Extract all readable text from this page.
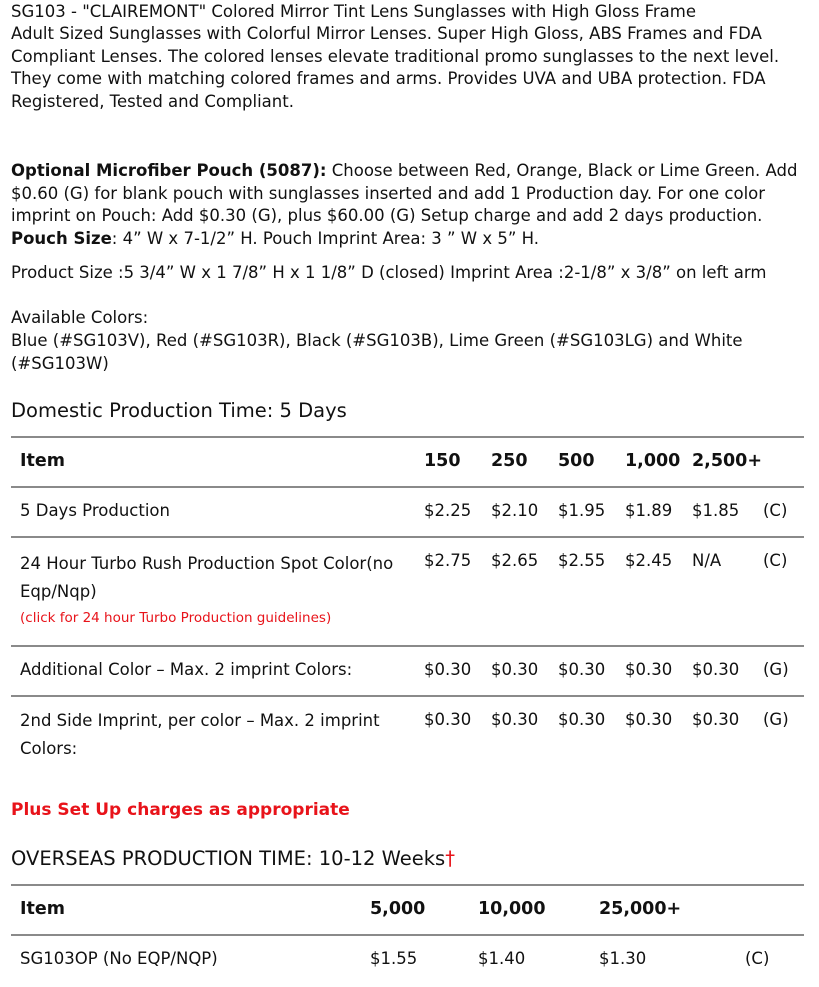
SG103 - "CLAIREMONT" Colored Mirror Tint Lens Sunglasses with High Gloss Frame

Adult Sized Sunglasses with Colorful Mirror Lenses. Super High Gloss, ABS Frames and FDA Compliant Lenses. The colored lenses elevate traditional promo sunglasses to the next level. They come with matching colored frames and arms. Provides UVA and UBA protection. FDA Registered, Tested and Compliant.

Optional Microfiber Pouch (5087): Choose between Red, Orange, Black or Lime Green. Add $0.60 (G) for blank pouch with sunglasses inserted and add 1 Production day. For one color imprint on Pouch: Add $0.30 (G), plus $60.00 (G) Setup charge and add 2 days production.
Pouch Size: 4” W x 7-1/2” H. Pouch Imprint Area: 3 ” W x 5” H.

Product Size :5 3/4” W x 1 7/8” H x 1 1/8” D (closed) Imprint Area :2-1/8” x 3/8” on left arm

Available Colors:

Blue (#SG103V), Red (#SG103R), Black (#SG103B), Lime Green (#SG103LG) and White (#SG103W)

Domestic Production Time: 5 Days
Item	150	250	500	1,000	2,500+	
5 Days Production	$2.25	$2.10	$1.95	$1.89	$1.85	(C)
24 Hour Turbo Rush Production Spot Color(no Eqp/Nqp)
(click for 24 hour Turbo Production guidelines)	$2.75	$2.65	$2.55	$2.45	N/A	(C)
Additional Color – Max. 2 imprint Colors:	$0.30	$0.30	$0.30	$0.30	$0.30	(G)
2nd Side Imprint, per color – Max. 2 imprint Colors:	$0.30	$0.30	$0.30	$0.30	$0.30	(G)

Plus Set Up charges as appropriate

OVERSEAS PRODUCTION TIME: 10-12 Weeks†
Item	5,000	10,000	25,000+	
SG103OP (No EQP/NQP)	$1.55	$1.40	$1.30	(C)
